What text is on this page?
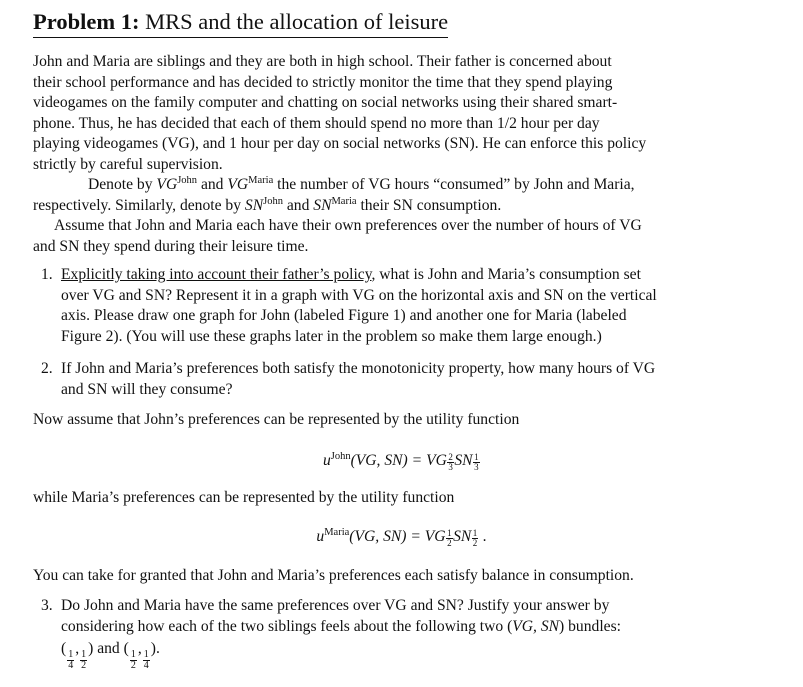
Problem 1: MRS and the allocation of leisure
John and Maria are siblings and they are both in high school. Their father is concerned about
their school performance and has decided to strictly monitor the time that they spend playing
videogames on the family computer and chatting on social networks using their shared smart-
phone. Thus, he has decided that each of them should spend no more than 1/2 hour per day
playing videogames (VG), and 1 hour per day on social networks (SN). He can enforce this policy
strictly by careful supervision.
Denote by $VG^{John}$ and $VG^{Maria}$ the number of VG hours “consumed” by John and Maria,
respectively. Similarly, denote by $SN^{John}$ and $SN^{Maria}$ their SN consumption.
Assume that John and Maria each have their own preferences over the number of hours of VG
and SN they spend during their leisure time.
1. Explicitly taking into account their father’s policy, what is John and Maria’s consumption set
over VG and SN? Represent it in a graph with VG on the horizontal axis and SN on the vertical
axis. Please draw one graph for John (labeled Figure 1) and another one for Maria (labeled
Figure 2). (You will use these graphs later in the problem so make them large enough.)
2. If John and Maria’s preferences both satisfy the monotonicity property, how many hours of VG
and SN will they consume?
Now assume that John’s preferences can be represented by the utility function
$u^{John}(VG$, SN) = VG $\frac{2}{3}$ SN $\frac{1}{3}$
while Maria’s preferences can be represented by the utility function
$u^{Maria}(VG$, SN) = VG $\frac{1}{2}$ SN $\frac{1}{2}$ .
You can take for granted that John and Maria’s preferences each satisfy balance in consumption.
3. Do John and Maria have the same preferences over VG and SN? Justify your answer by
considering how each of the two siblings feels about the following two (VG, SN) bundles:
(
$\frac{1}{4}$
,
$\frac{1}{2}$
) and (
$\frac{1}{2}$
,
$\frac{1}{4}$
).
